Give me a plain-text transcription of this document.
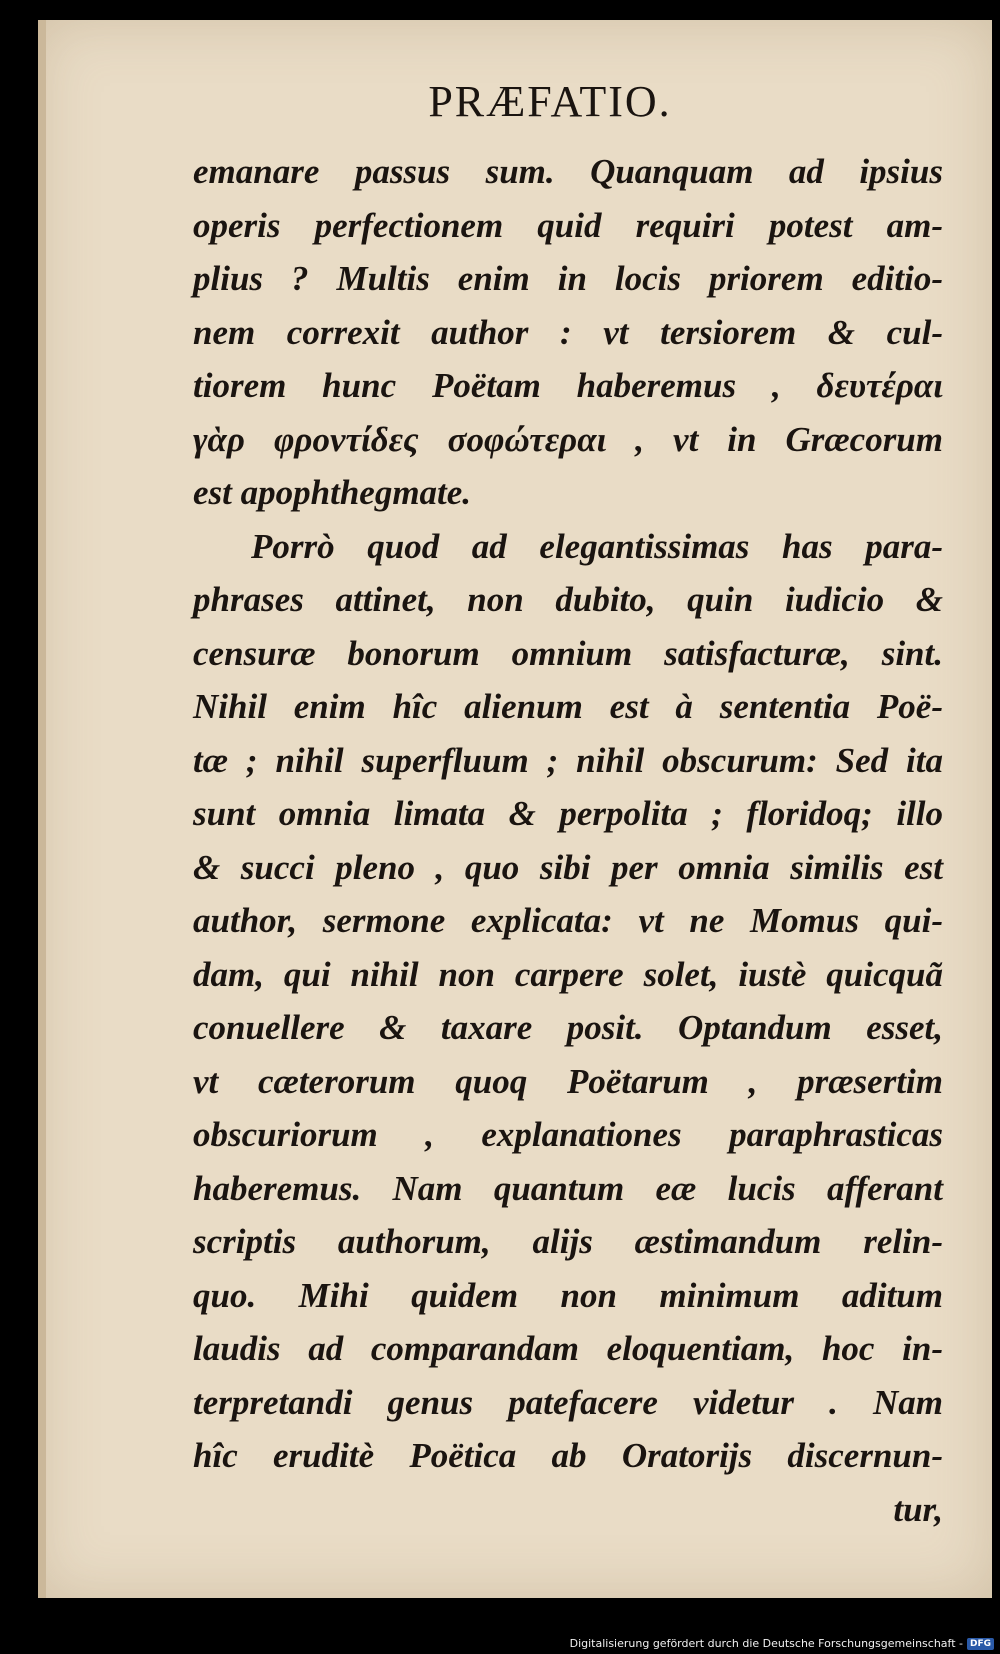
PRÆFATIO.
emanare passus sum. Quanquam ad ipsius
operis perfectionem quid requiri potest am-
plius ? Multis enim in locis priorem editio-
nem correxit author : vt tersiorem & cul-
tiorem hunc Poëtam haberemus , δευτέραι
γὰρ φροντίδες σοφώτεραι , vt in Græcorum
est apophthegmate.
Porrò quod ad elegantissimas has para-
phrases attinet, non dubito, quin iudicio &
censuræ bonorum omnium satisfacturæ, sint.
Nihil enim hîc alienum est à sententia Poë-
tæ ; nihil superfluum ; nihil obscurum: Sed ita
sunt omnia limata & perpolita ; floridoq; illo
& succi pleno , quo sibi per omnia similis est
author, sermone explicata: vt ne Momus qui-
dam, qui nihil non carpere solet, iustè quicquã
conuellere & taxare posit. Optandum esset,
vt cæterorum quoq Poëtarum , præsertim
obscuriorum , explanationes paraphrasticas
haberemus. Nam quantum eæ lucis afferant
scriptis authorum, alijs æstimandum relin-
quo. Mihi quidem non minimum aditum
laudis ad comparandam eloquentiam, hoc in-
terpretandi genus patefacere videtur . Nam
hîc eruditè Poëtica ab Oratorijs discernun-
tur,
Digitalisierung gefördert durch die Deutsche Forschungsgemeinschaft - DFG
